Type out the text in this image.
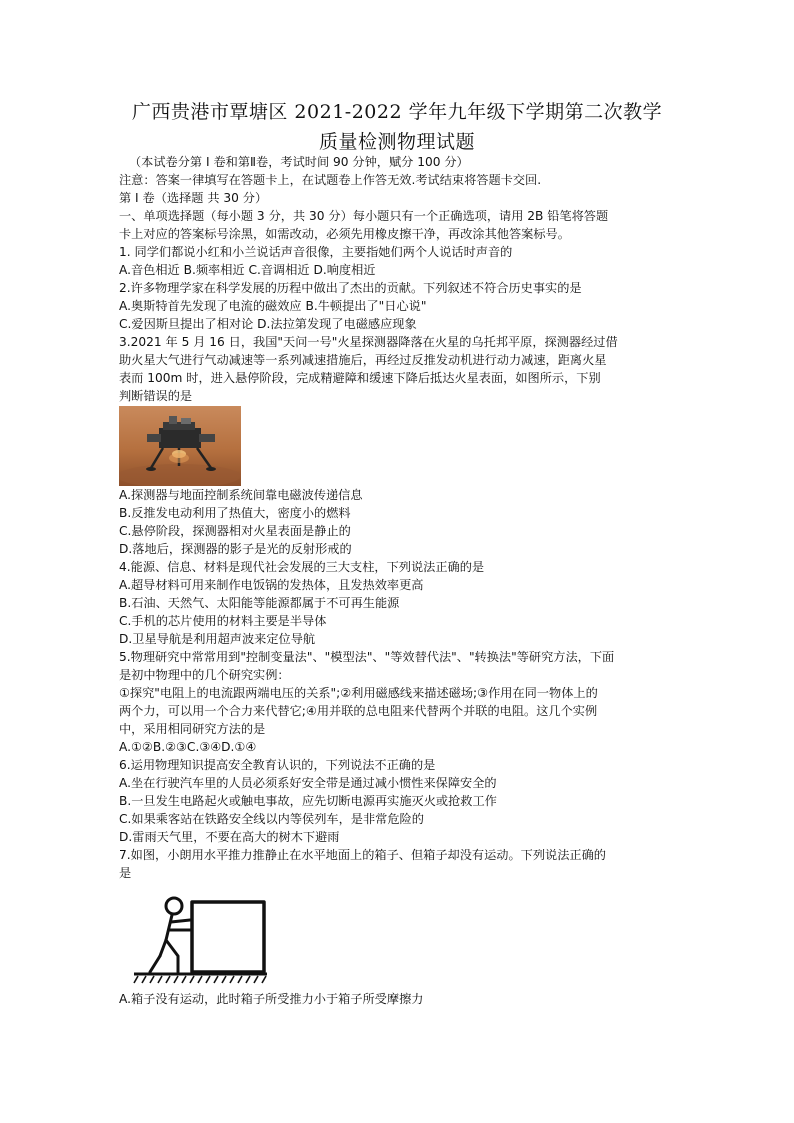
广西贵港市覃塘区 2021-2022 学年九年级下学期第二次教学
质量检测物理试题
（本试卷分第 I 卷和第Ⅱ卷，考试时间 90 分钟，赋分 100 分）
注意：答案一律填写在答题卡上，在试题卷上作答无效.考试结束将答题卡交回.
第 I 卷（选择题 共 30 分）
一、单项选择题（每小题 3 分，共 30 分）每小题只有一个正确选项，请用 2B 铅笔将答题
卡上对应的答案标号涂黑，如需改动，必须先用橡皮擦干净，再改涂其他答案标号。
1. 同学们都说小红和小兰说话声音很像，主要指她们两个人说话时声音的
A.音色相近 B.频率相近 C.音调相近 D.响度相近
2.许多物理学家在科学发展的历程中做出了杰出的贡献。下列叙述不符合历史事实的是
A.奥斯特首先发现了电流的磁效应 B.牛顿提出了"日心说"
C.爱因斯旦提出了相对论 D.法拉第发现了电磁感应现象
3.2021 年 5 月 16 日，我国"天问一号"火星探测器降落在火星的乌托邦平原，探测器经过借
助火星大气进行气动减速等一系列减速措施后，再经过反推发动机进行动力减速，距离火星
表而 100m 时，进入悬停阶段，完成精避障和缓速下降后抵达火星表面，如图所示，下别
判断错误的是
A.探测器与地面控制系统间靠电磁波传递信息
B.反推发电动利用了热值大，密度小的燃料
C.悬停阶段，探测器相对火星表面是静止的
D.落地后，探测器的影子是光的反射形戒的
4.能源、信息、材料是现代社会发展的三大支柱，下列说法正确的是
A.超导材料可用来制作电饭锅的发热体，且发热效率更高
B.石油、天然气、太阳能等能源都属于不可再生能源
C.手机的芯片使用的材料主要是半导体
D.卫星导航是利用超声波来定位导航
5.物理研究中常常用到"控制变量法"、"模型法"、"等效替代法"、"转换法"等研究方法，下面
是初中物理中的几个研究实例：
①探究"电阻上的电流跟两端电压的关系";②利用磁感线来描述磁场;③作用在同一物体上的
两个力，可以用一个合力来代替它;④用并联的总电阻来代替两个并联的电阻。这几个实例
中，采用相同研究方法的是
A.①②B.②③C.③④D.①④
6.运用物理知识提高安全教育认识的，下列说法不正确的是
A.坐在行驶汽车里的人员必须系好安全带是通过减小惯性来保障安全的
B.一旦发生电路起火或触电事故，应先切断电源再实施灭火或抢救工作
C.如果乘客站在铁路安全线以内等侯列车，是非常危险的
D.雷雨天气里，不要在高大的树木下避雨
7.如图，小朗用水平推力推静止在水平地面上的箱子、但箱子却没有运动。下列说法正确的
是
A.箱子没有运动，此时箱子所受推力小于箱子所受摩擦力
